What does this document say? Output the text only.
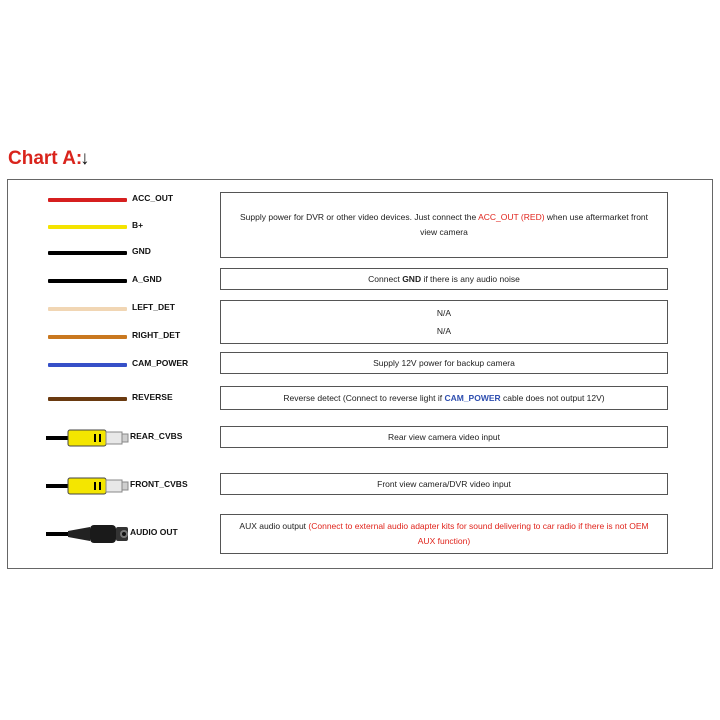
Chart A:
↓
ACC_OUT
B+
GND
A_GND
LEFT_DET
RIGHT_DET
CAM_POWER
REVERSE
REAR_CVBS
FRONT_CVBS
AUDIO OUT
Supply power for DVR or other video devices. Just connect the ACC_OUT (RED) when use aftermarket front view camera
Connect GND if there is any audio noise
N/A
N/A
Supply 12V power for backup camera
Reverse detect (Connect to reverse light if CAM_POWER cable does not output 12V)
Rear view camera video input
Front view camera/DVR video input
AUX audio output (Connect to external audio adapter kits for sound delivering to car radio if there is not OEM AUX function)
